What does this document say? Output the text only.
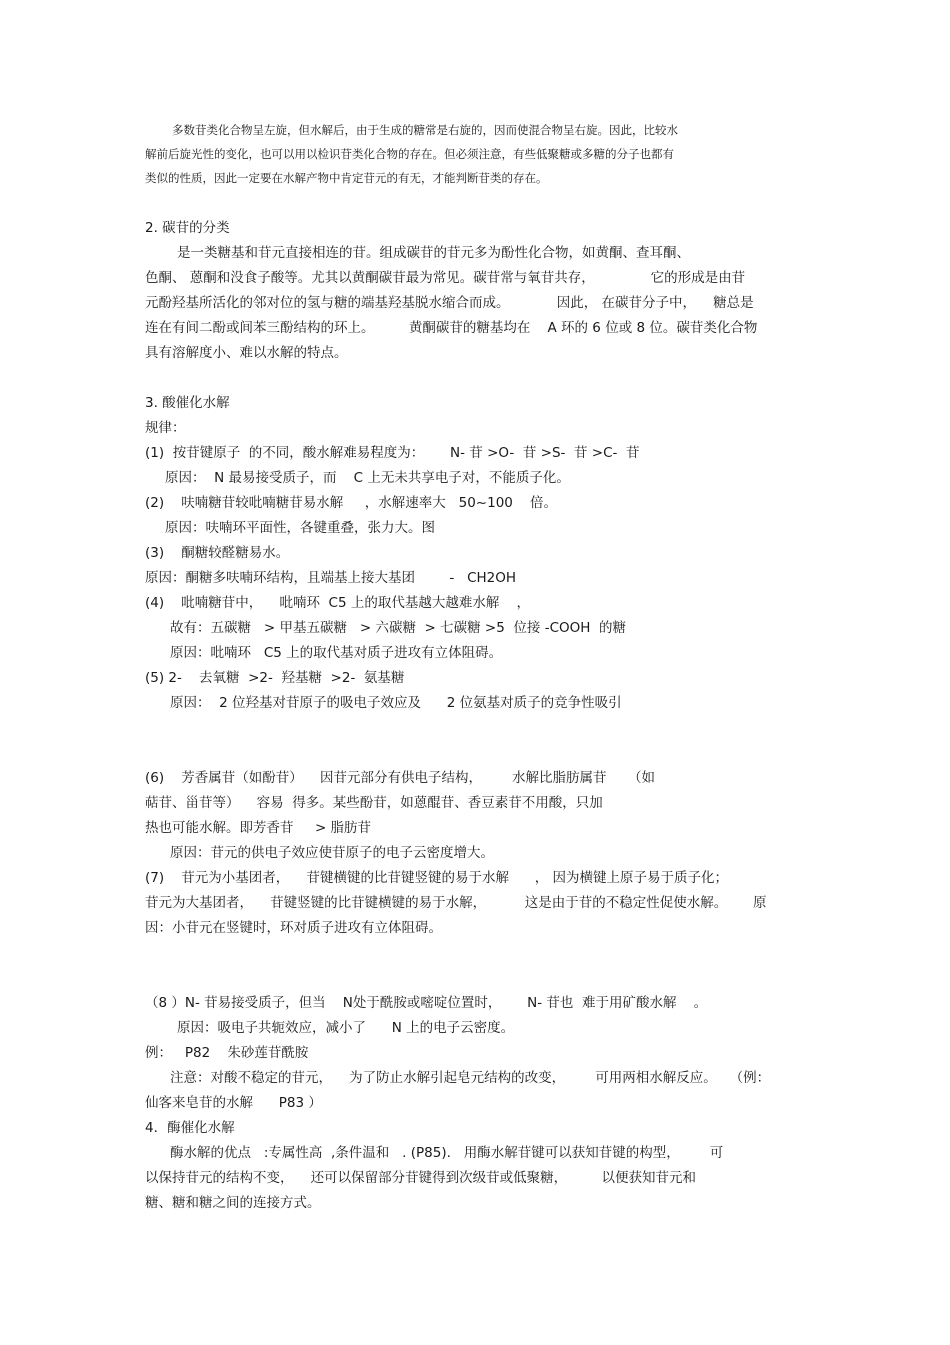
多数苷类化合物呈左旋，但水解后，由于生成的糖常是右旋的，因而使混合物呈右旋。因此，比较水
解前后旋光性的变化，也可以用以检识苷类化合物的存在。但必须注意，有些低聚糖或多糖的分子也都有
类似的性质，因此一定要在水解产物中肯定苷元的有无，才能判断苷类的存在。
2. 碳苷的分类
是一类糖基和苷元直接相连的苷。组成碳苷的苷元多为酚性化合物，如黄酮、查耳酮、
色酮、 蒽酮和没食子酸等。尤其以黄酮碳苷最为常见。碳苷常与氧苷共存，             它的形成是由苷
元酚羟基所活化的邻对位的氢与糖的端基羟基脱水缩合而成。           因此， 在碳苷分子中，    糖总是
连在有间二酚或间苯三酚结构的环上。        黄酮碳苷的糖基均在    A 环的 6 位或 8 位。碳苷类化合物
具有溶解度小、难以水解的特点。
3. 酸催化水解
规律：
(1)  按苷键原子  的不同，酸水解难易程度为：      N- 苷 >O-  苷 >S-  苷 >C-  苷
原因：  N 最易接受质子，而    C 上无未共享电子对，不能质子化。
(2)    呋喃糖苷较吡喃糖苷易水解     ，水解速率大   50~100    倍。
原因：呋喃环平面性，各键重叠，张力大。图
(3)    酮糖较醛糖易水。
原因：酮糖多呋喃环结构，且端基上接大基团        -   CH2OH
(4)    吡喃糖苷中，    吡喃环  C5 上的取代基越大越难水解    ，
故有：五碳糖   > 甲基五碳糖   > 六碳糖  > 七碳糖 >5  位接 -COOH  的糖
原因：吡喃环   C5 上的取代基对质子进攻有立体阻碍。
(5) 2-    去氧糖  >2-  羟基糖  >2-  氨基糖
原因：  2 位羟基对苷原子的吸电子效应及      2 位氨基对质子的竞争性吸引
(6)    芳香属苷（如酚苷）    因苷元部分有供电子结构，       水解比脂肪属苷     （如
萜苷、甾苷等）    容易  得多。某些酚苷，如蒽醌苷、香豆素苷不用酸，只加
热也可能水解。即芳香苷     > 脂肪苷
原因：苷元的供电子效应使苷原子的电子云密度增大。
(7)    苷元为小基团者，    苷键横键的比苷键竖键的易于水解      ， 因为横键上原子易于质子化；
苷元为大基团者，    苷键竖键的比苷键横键的易于水解，         这是由于苷的不稳定性促使水解。      原
因：小苷元在竖键时，环对质子进攻有立体阻碍。
（8 ）N- 苷易接受质子，但当    N处于酰胺或嘧啶位置时，      N- 苷也  难于用矿酸水解    。
原因：吸电子共轭效应，减小了      N 上的电子云密度。
例：   P82    朱砂莲苷酰胺
注意：对酸不稳定的苷元，    为了防止水解引起皂元结构的改变，       可用两相水解反应。   （例：
仙客来皂苷的水解      P83 ）
4．酶催化水解
酶水解的优点   :专属性高  ,条件温和   . (P85).   用酶水解苷键可以获知苷键的构型，       可
以保持苷元的结构不变，    还可以保留部分苷键得到次级苷或低聚糖，        以便获知苷元和
糖、糖和糖之间的连接方式。
